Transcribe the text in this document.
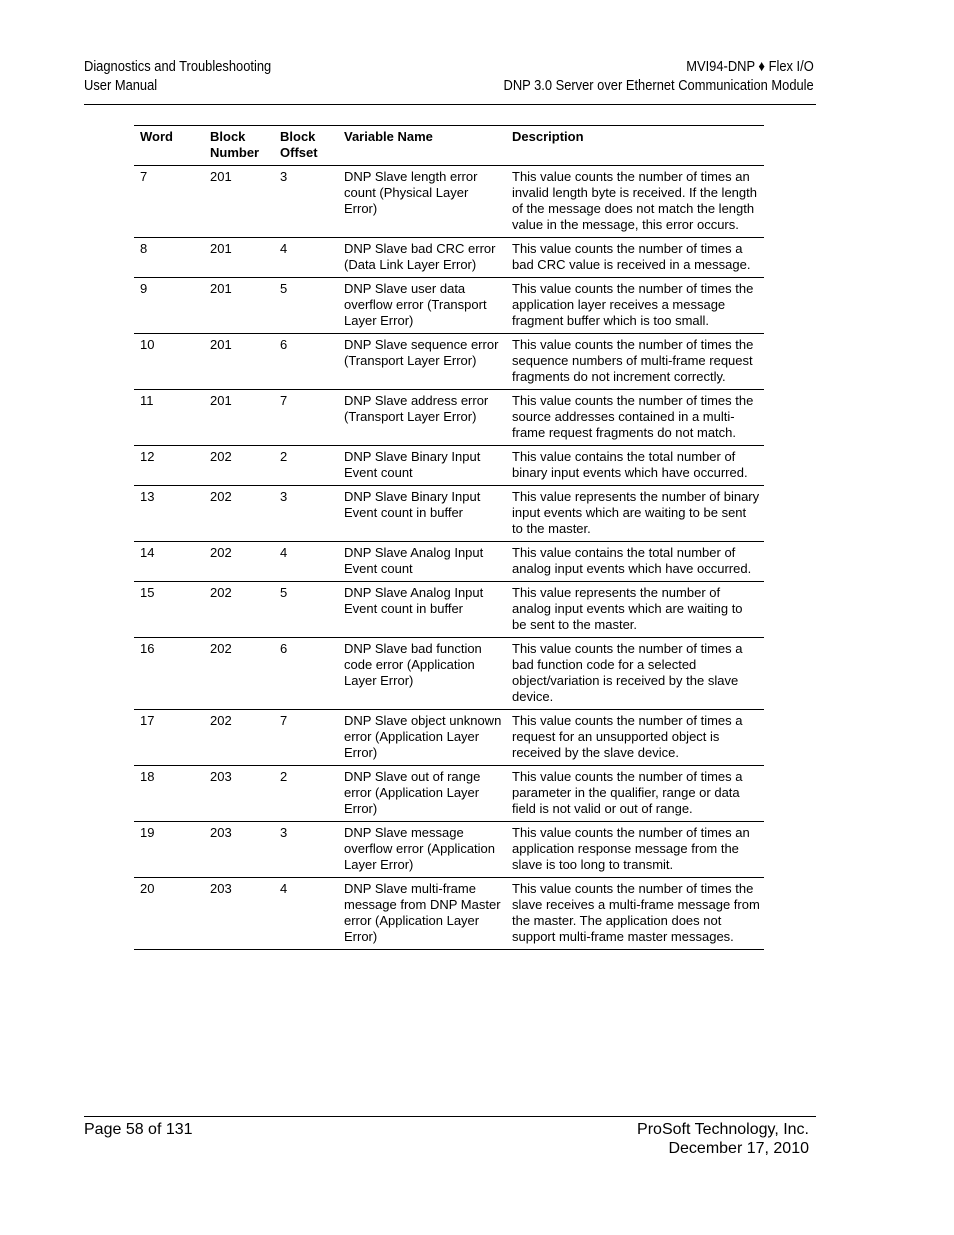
Diagnostics and Troubleshooting
User Manual
MVI94-DNP ♦ Flex I/O
DNP 3.0 Server over Ethernet Communication Module
Word	Block Number	Block Offset	Variable Name	Description
7	201	3	DNP Slave length error count (Physical Layer Error)	This value counts the number of times an invalid length byte is received. If the length of the message does not match the length value in the message, this error occurs.
8	201	4	DNP Slave bad CRC error (Data Link Layer Error)	This value counts the number of times a bad CRC value is received in a message.
9	201	5	DNP Slave user data overflow error (Transport Layer Error)	This value counts the number of times the application layer receives a message fragment buffer which is too small.
10	201	6	DNP Slave sequence error (Transport Layer Error)	This value counts the number of times the sequence numbers of multi-frame request fragments do not increment correctly.
11	201	7	DNP Slave address error (Transport Layer Error)	This value counts the number of times the source addresses contained in a multi-frame request fragments do not match.
12	202	2	DNP Slave Binary Input Event count	This value contains the total number of binary input events which have occurred.
13	202	3	DNP Slave Binary Input Event count in buffer	This value represents the number of binary input events which are waiting to be sent to the master.
14	202	4	DNP Slave Analog Input Event count	This value contains the total number of analog input events which have occurred.
15	202	5	DNP Slave Analog Input Event count in buffer	This value represents the number of analog input events which are waiting to be sent to the master.
16	202	6	DNP Slave bad function code error (Application Layer Error)	This value counts the number of times a bad function code for a selected object/variation is received by the slave device.
17	202	7	DNP Slave object unknown error (Application Layer Error)	This value counts the number of times a request for an unsupported object is received by the slave device.
18	203	2	DNP Slave out of range error (Application Layer Error)	This value counts the number of times a parameter in the qualifier, range or data field is not valid or out of range.
19	203	3	DNP Slave message overflow error (Application Layer Error)	This value counts the number of times an application response message from the slave is too long to transmit.
20	203	4	DNP Slave multi-frame message from DNP Master error (Application Layer Error)	This value counts the number of times the slave receives a multi-frame message from the master. The application does not support multi-frame master messages.
Page 58 of 131	ProSoft Technology, Inc.
December 17, 2010
